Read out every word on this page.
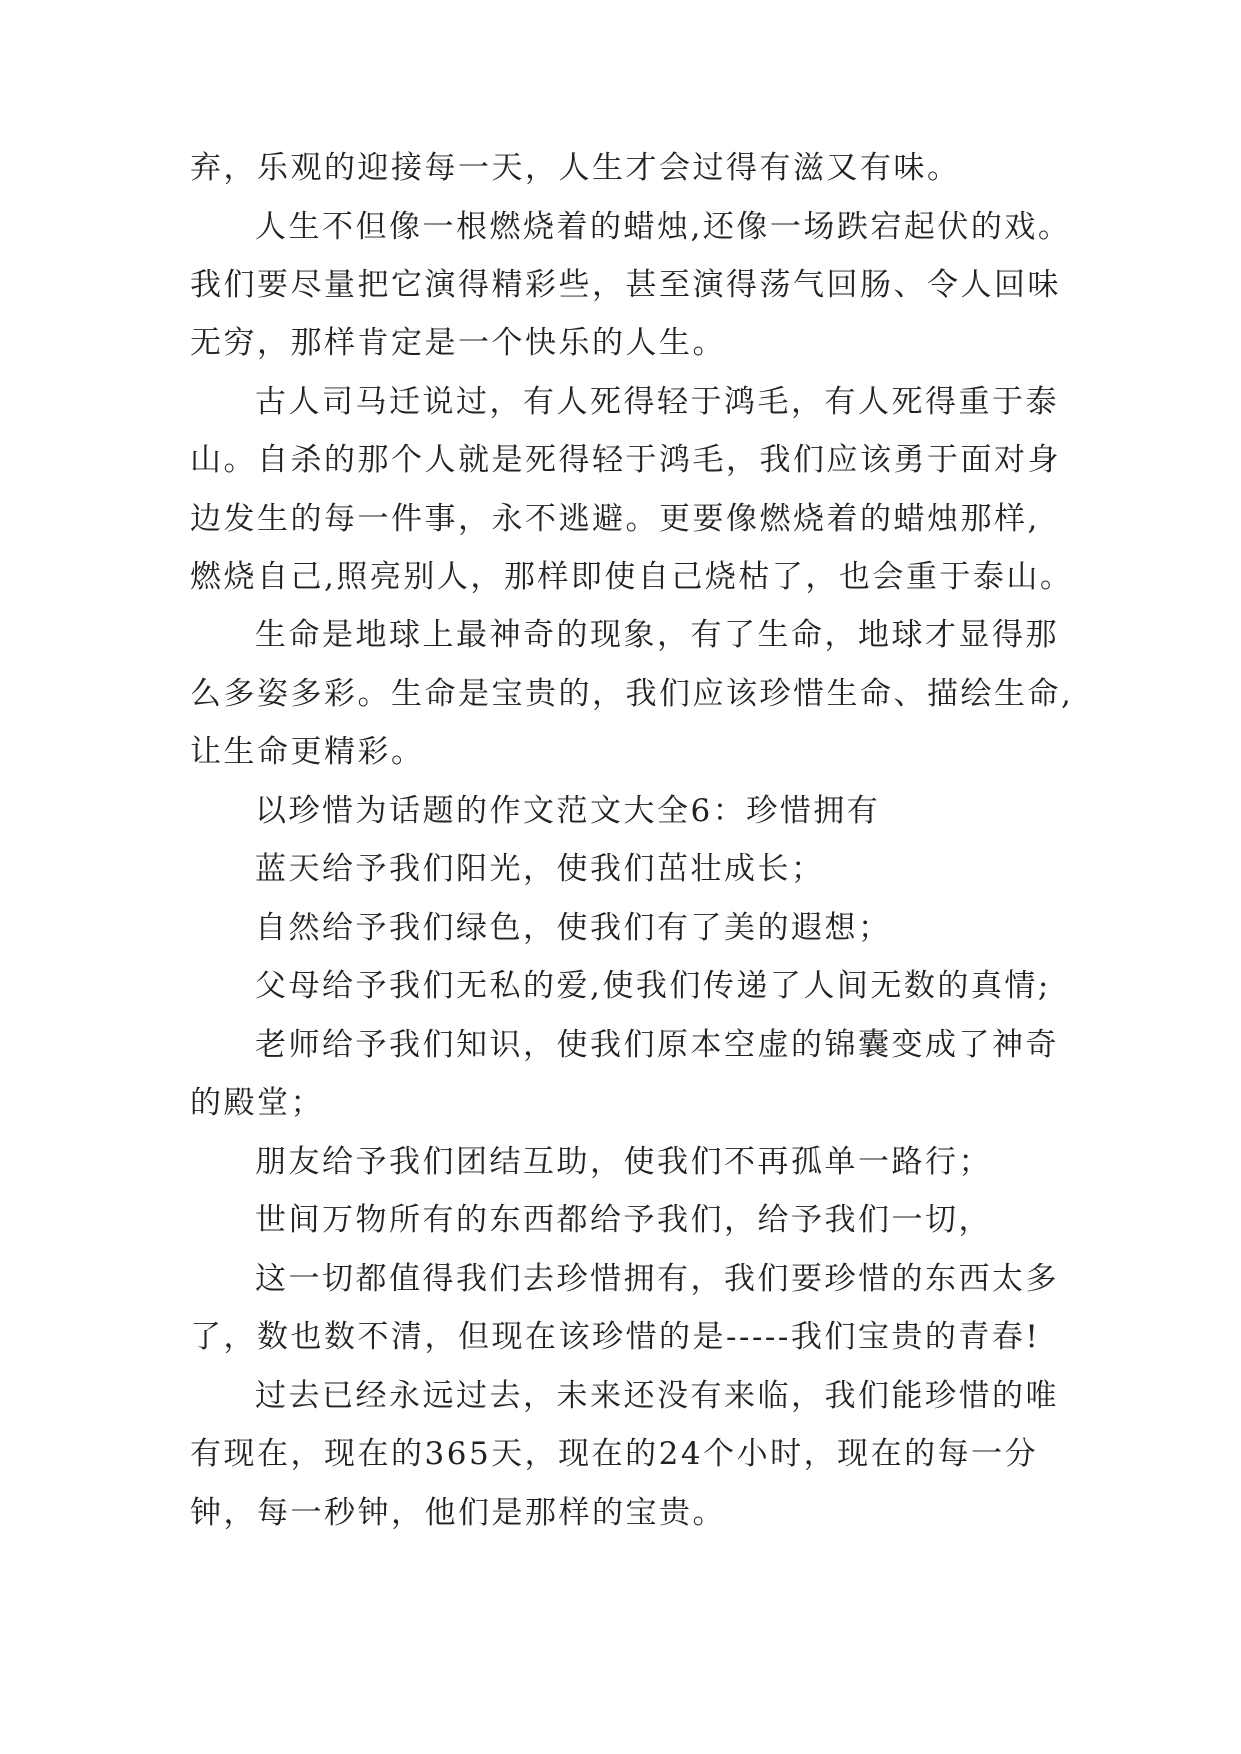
弃，乐观的迎接每一天，人生才会过得有滋又有味。
人生不但像一根燃烧着的蜡烛,还像一场跌宕起伏的戏。
我们要尽量把它演得精彩些，甚至演得荡气回肠、令人回味
无穷，那样肯定是一个快乐的人生。
古人司马迁说过，有人死得轻于鸿毛，有人死得重于泰
山。自杀的那个人就是死得轻于鸿毛，我们应该勇于面对身
边发生的每一件事，永不逃避。更要像燃烧着的蜡烛那样,
燃烧自己,照亮别人，那样即使自己烧枯了，也会重于泰山。
生命是地球上最神奇的现象，有了生命，地球才显得那
么多姿多彩。生命是宝贵的，我们应该珍惜生命、描绘生命,
让生命更精彩。
以珍惜为话题的作文范文大全6：珍惜拥有
蓝天给予我们阳光，使我们茁壮成长；
自然给予我们绿色，使我们有了美的遐想；
父母给予我们无私的爱,使我们传递了人间无数的真情;
老师给予我们知识，使我们原本空虚的锦囊变成了神奇
的殿堂；
朋友给予我们团结互助，使我们不再孤单一路行；
世间万物所有的东西都给予我们，给予我们一切，
这一切都值得我们去珍惜拥有，我们要珍惜的东西太多
了，数也数不清，但现在该珍惜的是-----我们宝贵的青春!
过去已经永远过去，未来还没有来临，我们能珍惜的唯
有现在，现在的365天，现在的24个小时，现在的每一分
钟，每一秒钟，他们是那样的宝贵。
